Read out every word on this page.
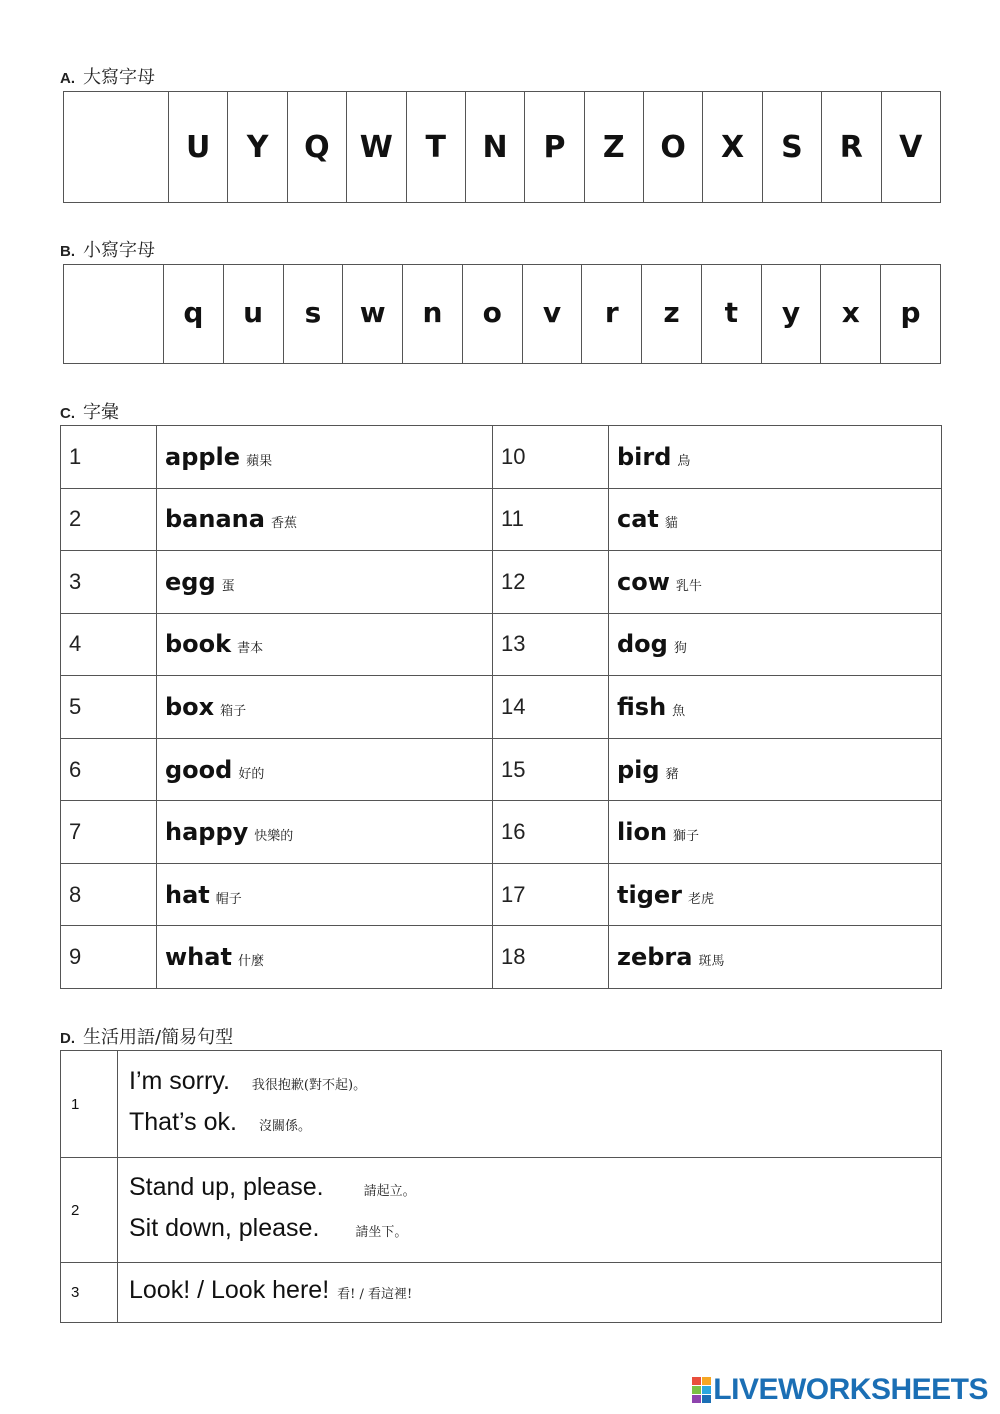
A. 大寫字母
	U	Y	Q	W	T	N	P	Z	O	X	S	R	V
B. 小寫字母
	q	u	s	w	n	o	v	r	z	t	y	x	p
C. 字彙
1	apple 蘋果	10	bird 鳥
2	banana 香蕉	11	cat 貓
3	egg 蛋	12	cow 乳牛
4	book 書本	13	dog 狗
5	box 箱子	14	fish 魚
6	good 好的	15	pig 豬
7	happy 快樂的	16	lion 獅子
8	hat 帽子	17	tiger 老虎
9	what 什麼	18	zebra 斑馬
D. 生活用語/簡易句型
1	I’m sorry. 我很抱歉(對不起)。
That’s ok. 沒關係。

2	Stand up, please. 請起立。
Sit down, please. 請坐下。

3	Look! / Look here! 看! / 看這裡!
LIVEWORKSHEETS
